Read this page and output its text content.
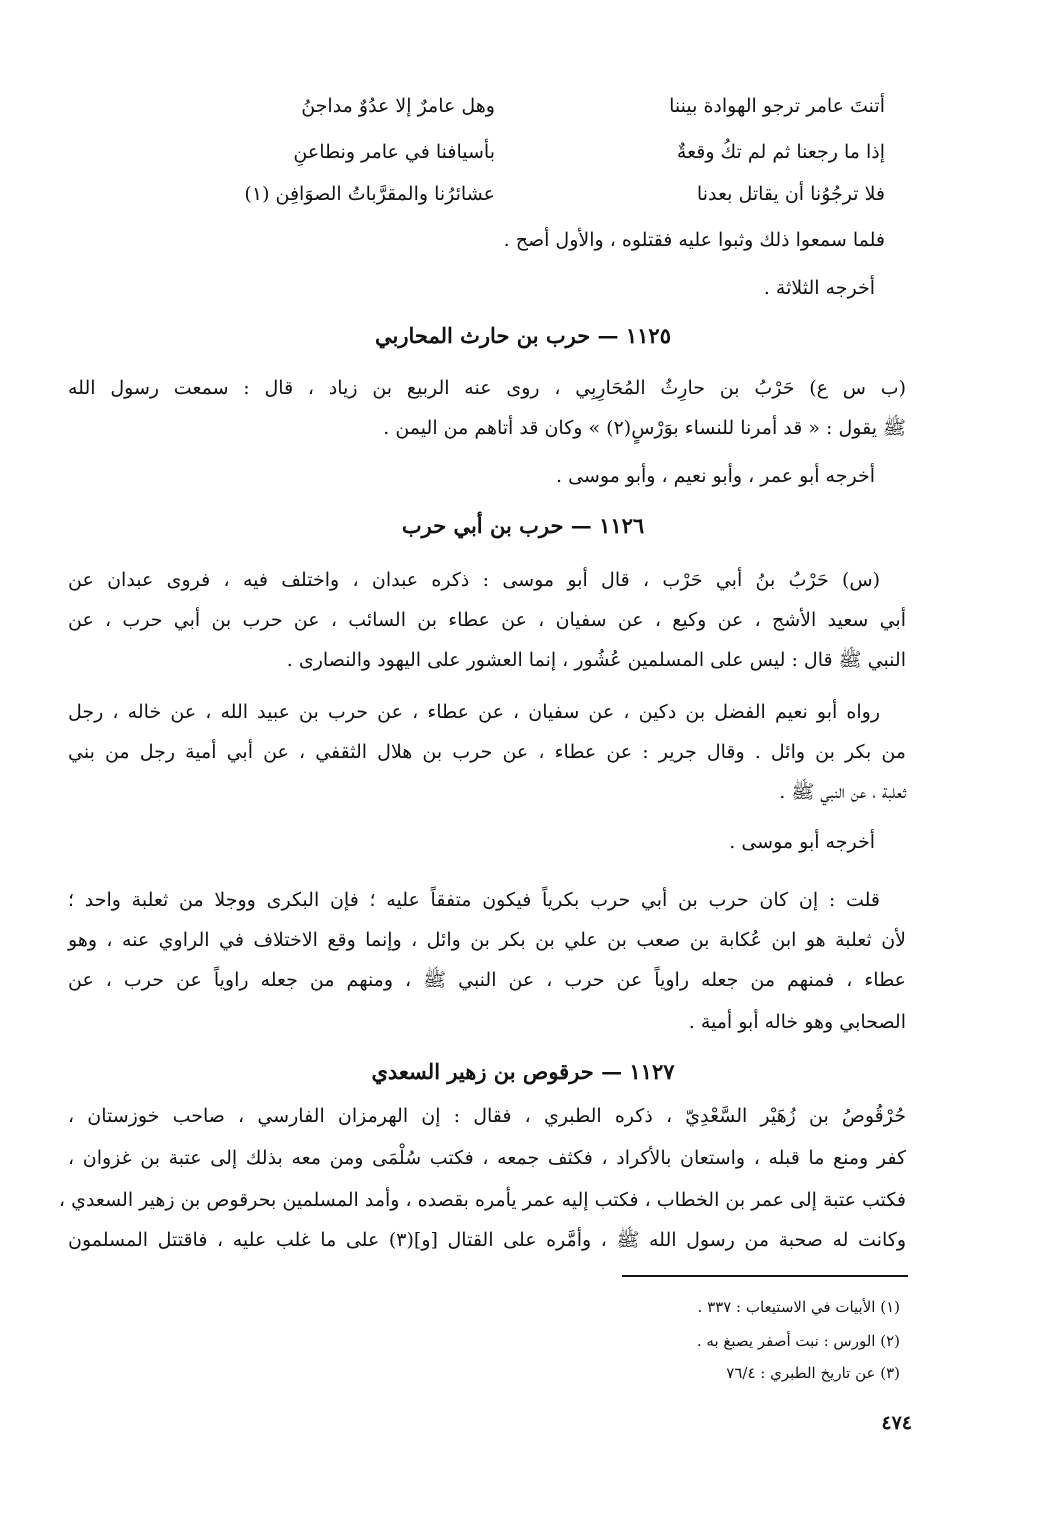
أتنتَ عامر ترجو الهوادة بيننا
وهل عامرٌ إلا عدُوٌ مداجنُ
إذا ما رجعنا ثم لم تكُ وقعةٌ
بأسيافنا في عامر ونطاعنِ
فلا ترجُوُنا أن يقاتل بعدنا
عشائرُنا والمقرَّباتُ الصوَافِن (١)
فلما سمعوا ذلك وثبوا عليه فقتلوه ، والأول أصح .
أخرجه الثلاثة .
١١٢٥ — حرب بن حارث المحاربي
(ب س ع) حَرْبُ بن حارِثُ المُحَارِبِي ، روى عنه الربيع بن زياد ، قال : سمعت رسول الله
ﷺ يقول : « قد أمرنا للنساء بوَرْسٍ(٢) » وكان قد أتاهم من اليمن .
أخرجه أبو عمر ، وأبو نعيم ، وأبو موسى .
١١٢٦ — حرب بن أبي حرب
(س) حَرْبُ بنُ أبي حَرْب ، قال أبو موسى : ذكره عبدان ، واختلف فيه ، فروى عبدان عن
أبي سعيد الأشج ، عن وكيع ، عن سفيان ، عن عطاء بن السائب ، عن حرب بن أبي حرب ، عن
النبي ﷺ قال : ليس على المسلمين عُشُور ، إنما العشور على اليهود والنصارى .
رواه أبو نعيم الفضل بن دكين ، عن سفيان ، عن عطاء ، عن حرب بن عبيد الله ، عن خاله ، رجل
من بكر بن وائل . وقال جرير : عن عطاء ، عن حرب بن هلال الثقفي ، عن أبي أمية رجل من بني
ثعلبة ، عن النبي ﷺ .
أخرجه أبو موسى .
قلت : إن كان حرب بن أبي حرب بكرياً فيكون متفقاً عليه ؛ فإن البكرى ووجلا من ثعلبة واحد ؛
لأن ثعلبة هو ابن عُكابة بن صعب بن علي بن بكر بن وائل ، وإنما وقع الاختلاف في الراوي عنه ، وهو
عطاء ، فمنهم من جعله راوياً عن حرب ، عن النبي ﷺ ، ومنهم من جعله راوياً عن حرب ، عن
الصحابي وهو خاله أبو أمية .
١١٢٧ — حرقوص بن زهير السعدي
حُرْقُوصُ بن زُهَيْر السَّعْدِيّ ، ذكره الطبري ، فقال : إن الهرمزان الفارسي ، صاحب خوزستان ،
كفر ومنع ما قبله ، واستعان بالأكراد ، فكثف جمعه ، فكتب سُلْمَى ومن معه بذلك إلى عتبة بن غزوان ،
فكتب عتبة إلى عمر بن الخطاب ، فكتب إليه عمر يأمره بقصده ، وأمد المسلمين بحرقوص بن زهير السعدي ،
وكانت له صحبة من رسول الله ﷺ ، وأمَّره على القتال [و](٣) على ما غلب عليه ، فاقتتل المسلمون
(١) الأبيات في الاستيعاب : ٣٣٧ .
(٢) الورس : نبت أصفر يصبغ به .
(٣) عن تاريخ الطبري : ٧٦/٤
٤٧٤
